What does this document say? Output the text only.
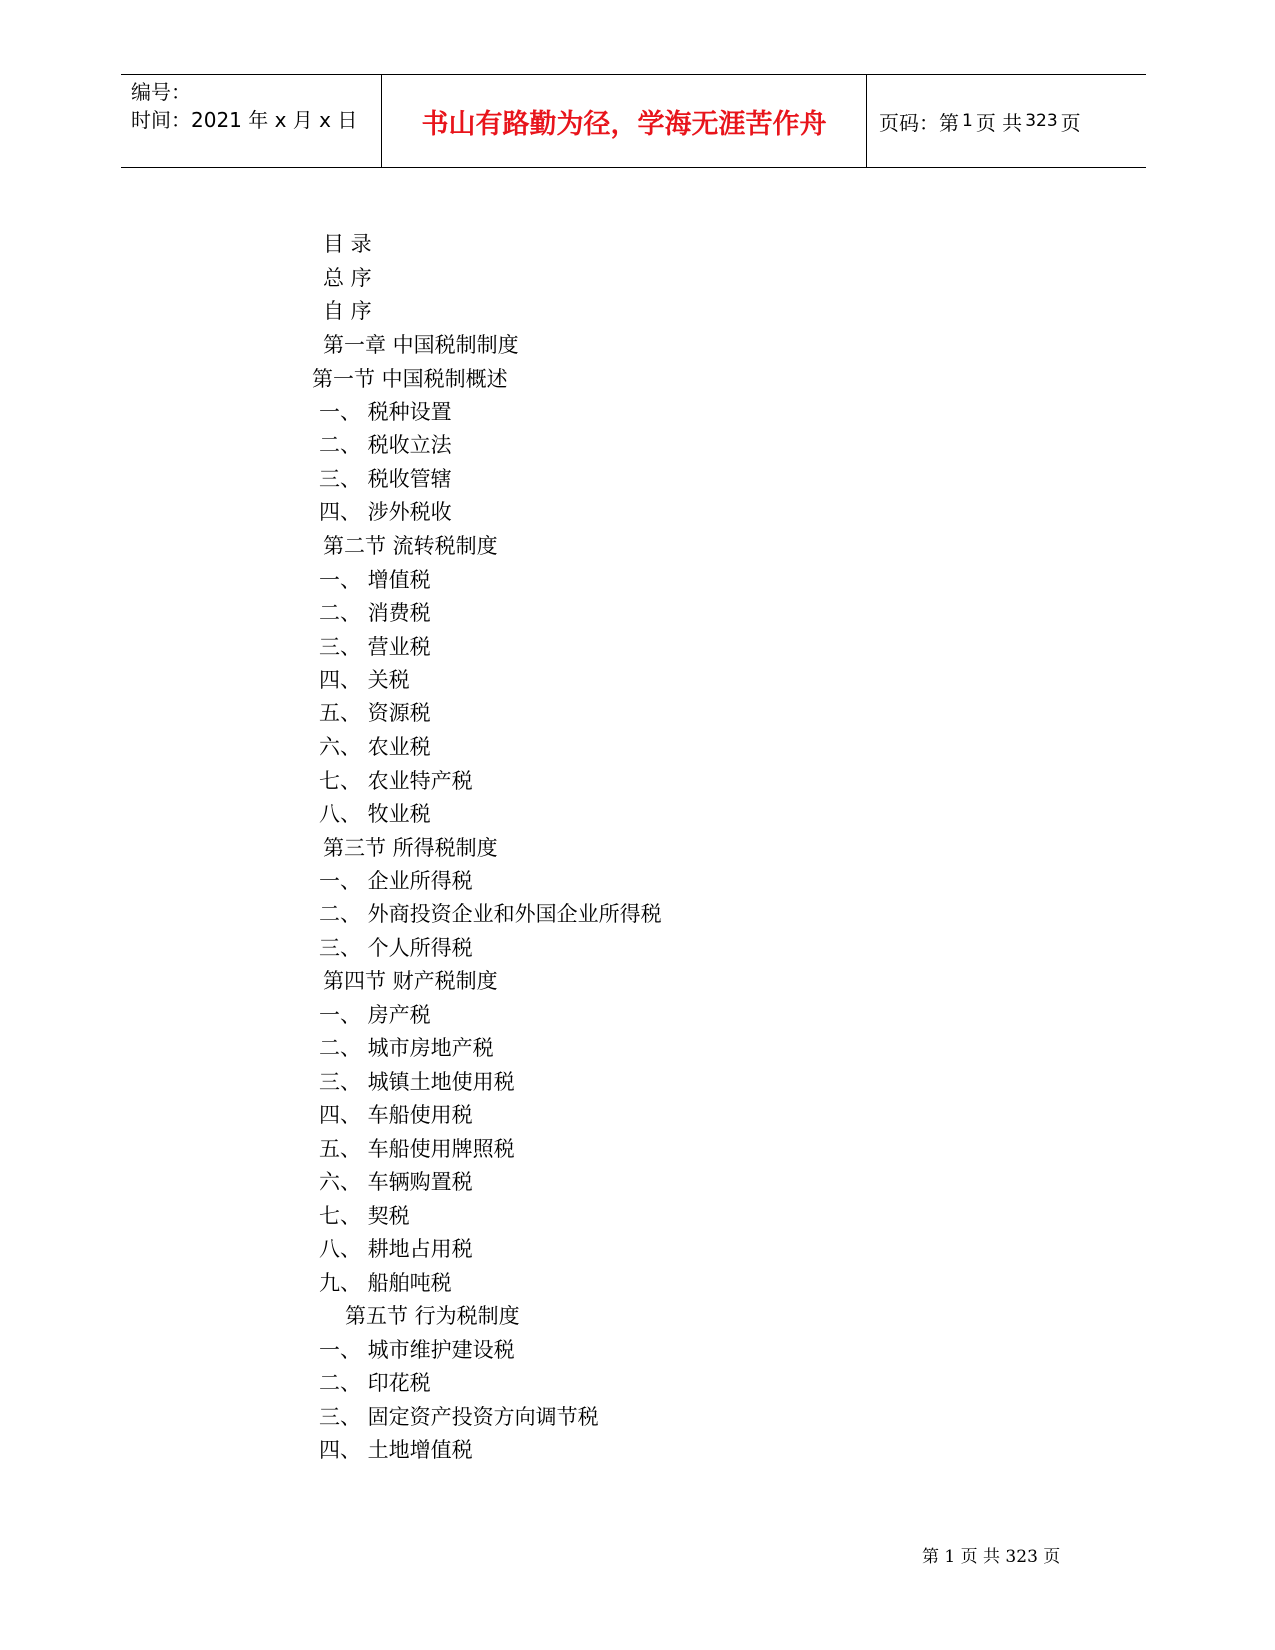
编号：
时间：2021 年 x 月 x 日	书山有路勤为径，学海无涯苦作舟	页码：第 1 页 共 323 页
目 录
总 序
自 序
第一章 中国税制制度
第一节 中国税制概述
一、 税种设置
二、 税收立法
三、 税收管辖
四、 涉外税收
第二节 流转税制度
一、 增值税
二、 消费税
三、 营业税
四、 关税
五、 资源税
六、 农业税
七、 农业特产税
八、 牧业税
第三节 所得税制度
一、 企业所得税
二、 外商投资企业和外国企业所得税
三、 个人所得税
第四节 财产税制度
一、 房产税
二、 城市房地产税
三、 城镇土地使用税
四、 车船使用税
五、 车船使用牌照税
六、 车辆购置税
七、 契税
八、 耕地占用税
九、 船舶吨税
第五节 行为税制度
一、 城市维护建设税
二、 印花税
三、 固定资产投资方向调节税
四、 土地增值税
第 1 页 共 323 页
